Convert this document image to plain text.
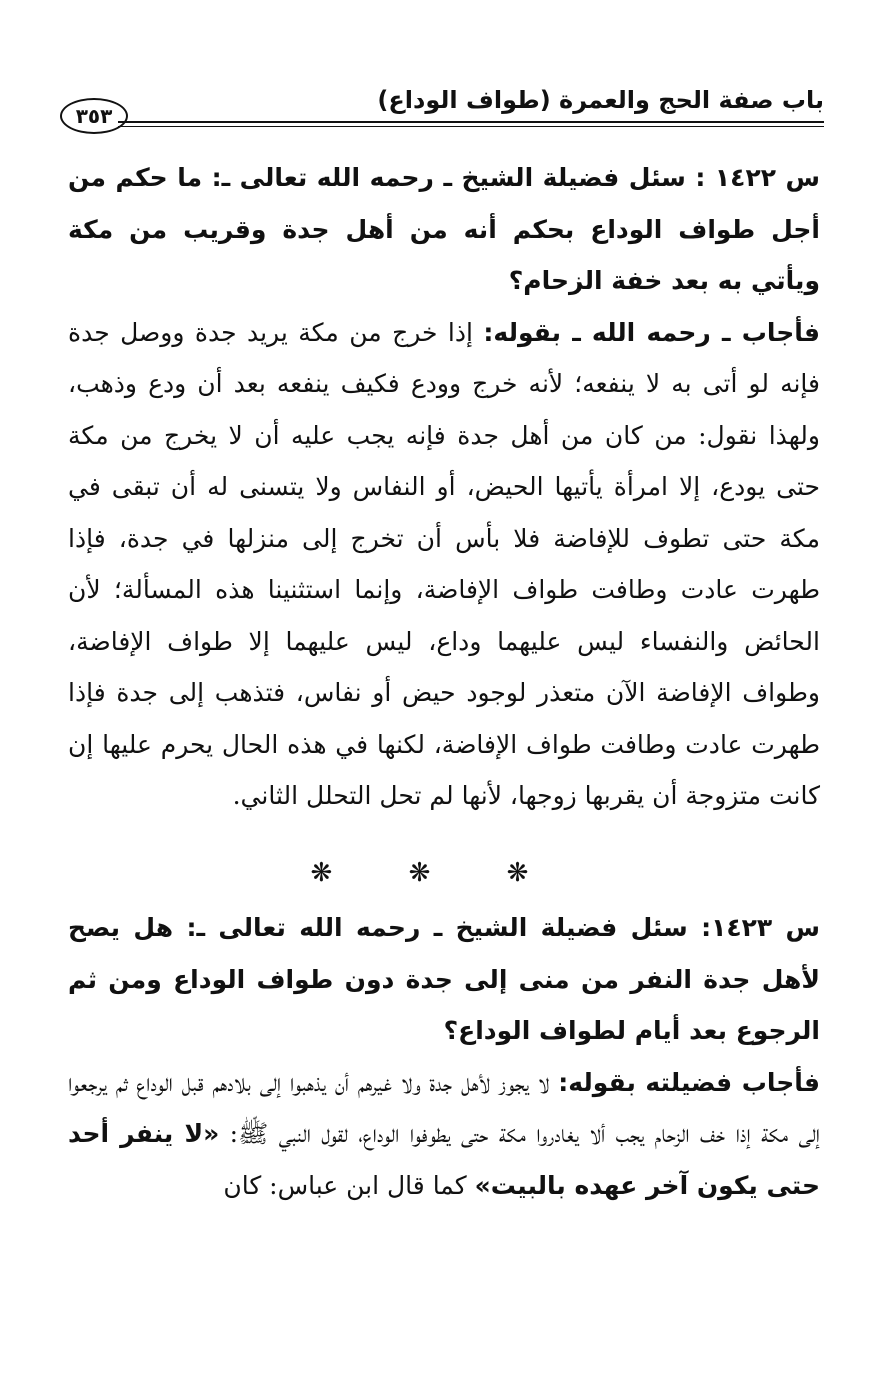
باب صفة الحج والعمرة (طواف الوداع)
٣٥٣

س ١٤٢٢ : سئل فضيلة الشيخ ـ رحمه الله تعالى ـ: ما حكم من أجل طواف الوداع بحكم أنه من أهل جدة وقريب من مكة ويأتي به بعد خفة الزحام؟

فأجاب ـ رحمه الله ـ بقوله: إذا خرج من مكة يريد جدة ووصل جدة فإنه لو أتى به لا ينفعه؛ لأنه خرج وودع فكيف ينفعه بعد أن ودع وذهب، ولهذا نقول: من كان من أهل جدة فإنه يجب عليه أن لا يخرج من مكة حتى يودع، إلا امرأة يأتيها الحيض، أو النفاس ولا يتسنى له أن تبقى في مكة حتى تطوف للإفاضة فلا بأس أن تخرج إلى منزلها في جدة، فإذا طهرت عادت وطافت طواف الإفاضة، وإنما استثنينا هذه المسألة؛ لأن الحائض والنفساء ليس عليهما وداع، ليس عليهما إلا طواف الإفاضة، وطواف الإفاضة الآن متعذر لوجود حيض أو نفاس، فتذهب إلى جدة فإذا طهرت عادت وطافت طواف الإفاضة، لكنها في هذه الحال يحرم عليها إن كانت متزوجة أن يقربها زوجها، لأنها لم تحل التحلل الثاني.

❋ ❋ ❋

س ١٤٢٣: سئل فضيلة الشيخ ـ رحمه الله تعالى ـ: هل يصح لأهل جدة النفر من منى إلى جدة دون طواف الوداع ومن ثم الرجوع بعد أيام لطواف الوداع؟

فأجاب فضيلته بقوله: لا يجوز لأهل جدة ولا غيرهم أن يذهبوا إلى بلادهم قبل الوداع ثم يرجعوا إلى مكة إذا خف الزحام يجب ألا يغادروا مكة حتى يطوفوا الوداع، لقول النبي ﷺ: «لا ينفر أحد حتى يكون آخر عهده بالبيت» كما قال ابن عباس: كان
